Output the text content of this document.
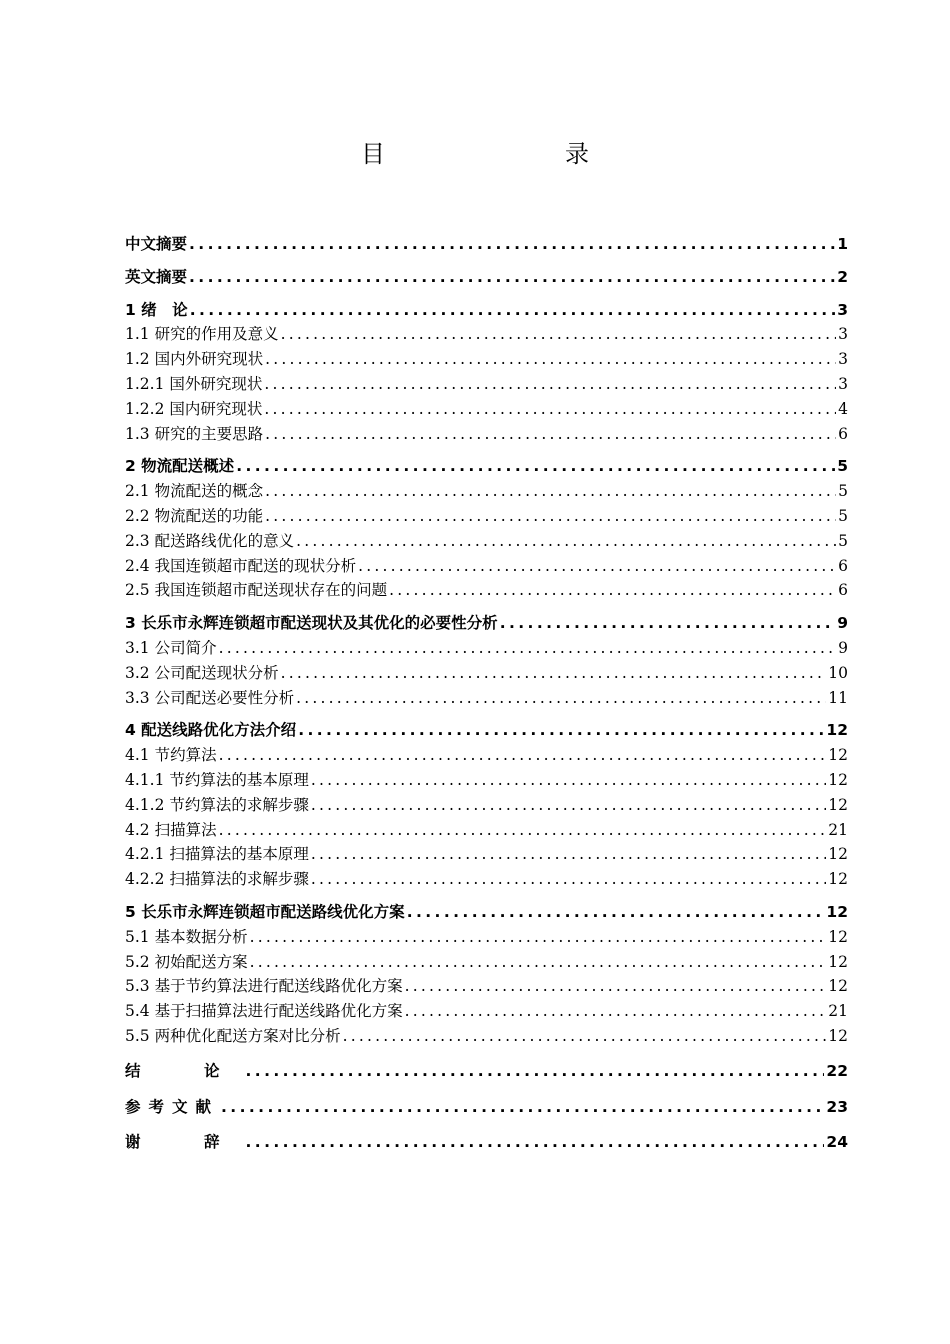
目　　录
中文摘要 .....	1
英文摘要 .....	2
1 绪　论 .....	3
1.1 研究的作用及意义 .....	3
1.2 国内外研究现状 .....	3
1.2.1 国外研究现状 .....	3
1.2.2 国内研究现状 .....	4
1.3 研究的主要思路 .....	6
2 物流配送概述 .....	5
2.1 物流配送的概念 .....	5
2.2 物流配送的功能 .....	5
2.3 配送路线优化的意义 .....	5
2.4 我国连锁超市配送的现状分析 .....	6
2.5 我国连锁超市配送现状存在的问题 .....	6
3 长乐市永辉连锁超市配送现状及其优化的必要性分析 .....	9
3.1 公司简介 .....	9
3.2 公司配送现状分析 .....	10
3.3 公司配送必要性分析 .....	11
4 配送线路优化方法介绍 .....	12
4.1 节约算法 .....	12
4.1.1 节约算法的基本原理 .....	12
4.1.2 节约算法的求解步骤 .....	12
4.2 扫描算法 .....	21
4.2.1 扫描算法的基本原理 .....	12
4.2.2 扫描算法的求解步骤 .....	12
5 长乐市永辉连锁超市配送路线优化方案 .....	12
5.1 基本数据分析 .....	12
5.2 初始配送方案 .....	12
5.3 基于节约算法进行配送线路优化方案 .....	12
5.4 基于扫描算法进行配送线路优化方案 .....	21
5.5 两种优化配送方案对比分析 .....	12
结　论 .....	22
参考文献 .....	23
谢　辞 .....	24
